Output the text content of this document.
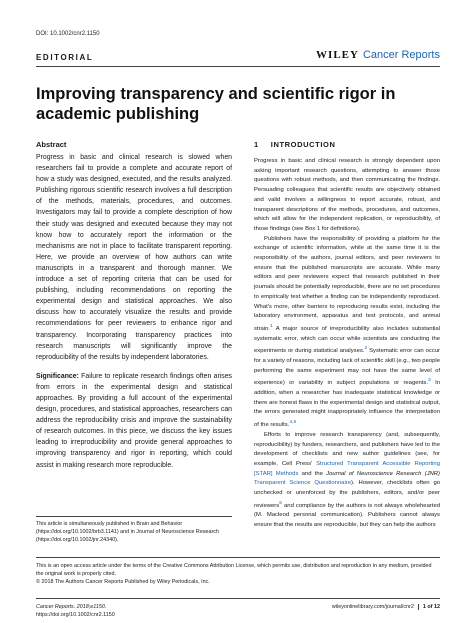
DOI: 10.1002/cnr2.1150
EDITORIAL	WILEY Cancer Reports
Improving transparency and scientific rigor in academic publishing
Abstract

Progress in basic and clinical research is slowed when researchers fail to provide a complete and accurate report of how a study was designed, executed, and the results analyzed. Publishing rigorous scientific research involves a full description of the methods, materials, procedures, and outcomes. Investigators may fail to provide a complete description of how their study was designed and executed because they may not know how to accurately report the information or the mechanisms are not in place to facilitate transparent reporting. Here, we provide an overview of how authors can write manuscripts in a transparent and thorough manner. We introduce a set of reporting criteria that can be used for publishing, including recommendations on reporting the experimental design and statistical approaches. We also discuss how to accurately visualize the results and provide recommendations for peer reviewers to enhance rigor and transparency. Incorporating transparency practices into research manuscripts will significantly improve the reproducibility of the results by independent laboratories.

Significance: Failure to replicate research findings often arises from errors in the experimental design and statistical approaches. By providing a full account of the experimental design, procedures, and statistical approaches, researchers can address the reproducibility crisis and improve the sustainability of research outcomes. In this piece, we discuss the key issues leading to irreproducibility and provide general approaches to improving transparency and rigor in reporting, which could assist in making research more reproducible.

1 INTRODUCTION

Progress in basic and clinical research is strongly dependent upon asking important research questions, attempting to answer those questions with robust methods, and then communicating the findings. Persuading colleagues that scientific results are objectively obtained and valid involves a willingness to report accurate, robust, and transparent descriptions of the methods, procedures, and outcomes, which will allow for the independent replication, or reproducibility, of those findings (see Box 1 for definitions).

Publishers have the responsibility of providing a platform for the exchange of scientific information, while at the same time it is the responsibility of the authors, journal editors, and peer reviewers to ensure that the published manuscripts are accurate. While many editors and peer reviewers expect that research published in their journals should be potentially reproducible, there are no set procedures to empirically test whether a finding can be independently reproduced. What's more, other barriers to reproducing results exist, including the laboratory environment, apparatus and test protocols, and animal strain.$^1$ A major source of irreproducibility also includes substantial systematic error, which can occur while scientists are conducting the experiments or during statistical analyses.$^2$ Systematic error can occur for a variety of reasons, including lack of scientific skill (e.g., two people performing the same experiment may not have the same level of experience) or variability in subject populations or reagents.$^3$ In addition, when a researcher has inadequate statistical knowledge or there are honest flaws in the experimental design and statistical output, the errors generated might inappropriately influence the interpretation of the results.$^{4,5}$

Efforts to improve research transparency (and, subsequently, reproducibility) by funders, researchers, and publishers have led to the development of checklists and new author guidelines (see, for example, Cell Press' Structured Transparent Accessible Reporting [STAR] Methods and the Journal of Neuroscience Research (JNR) Transparent Science Questionnaire). However, checklists often go unchecked or unenforced by the publishers, editors, and/or peer reviewers$^6$ and compliance by the authors is not always wholehearted (M. Macleod personal communication). Publishers cannot always ensure that the results are reproducible, but they can help the authors

This article is simultaneously published in Brain and Behavior (https://doi.org/10.1002/brb3.1141) and in Journal of Neuroscience Research (https://doi.org/10.1002/jnr.24340).
This is an open access article under the terms of the Creative Commons Attribution License, which permits use, distribution and reproduction in any medium, provided the original work is properly cited.
© 2018 The Authors Cancer Reports Published by Wiley Periodicals, Inc.
Cancer Reports. 2018;e1150.
https://doi.org/10.1002/cnr2.1150
wileyonlinelibrary.com/journal/cnr2 1 of 12
